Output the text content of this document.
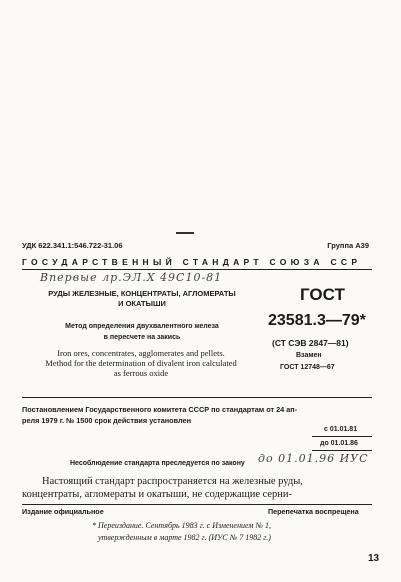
УДК 622.341.1:546.722-31.06	Группа A39
ГОСУДАРСТВЕННЫЙ СТАНДАРТ СОЮЗА ССР
Впервые лр.ЭЛ.Х 49С10-81
РУДЫ ЖЕЛЕЗНЫЕ, КОНЦЕНТРАТЫ, АГЛОМЕРАТЫ
И ОКАТЫШИ
Метод определения двухвалентного железа
в пересчете на закись
Iron ores, concentrates, agglomerates and pellets.
Method for the determination of divalent iron calculated
as ferrous oxide
ГОСТ
23581.3—79*
(СТ СЭВ 2847—81)
Взамен
ГОСТ 12748—67
Постановлением Государственного комитета СССР по стандартам от 24 ап-
реля 1979 г. № 1500 срок действия установлен
с 01.01.81
до 01.01.86
Несоблюдение стандарта преследуется по закону до 01.01.96 ИУС
Настоящий стандарт распространяется на железные руды,
концентраты, агломераты и окатыши, не содержащие серни-
Издание официальное	Перепечатка воспрещена
* Переиздание. Сентябрь 1983 г. с Изменением № 1,
утвержденным в марте 1982 г. (ИУС № 7 1982 г.)
13
